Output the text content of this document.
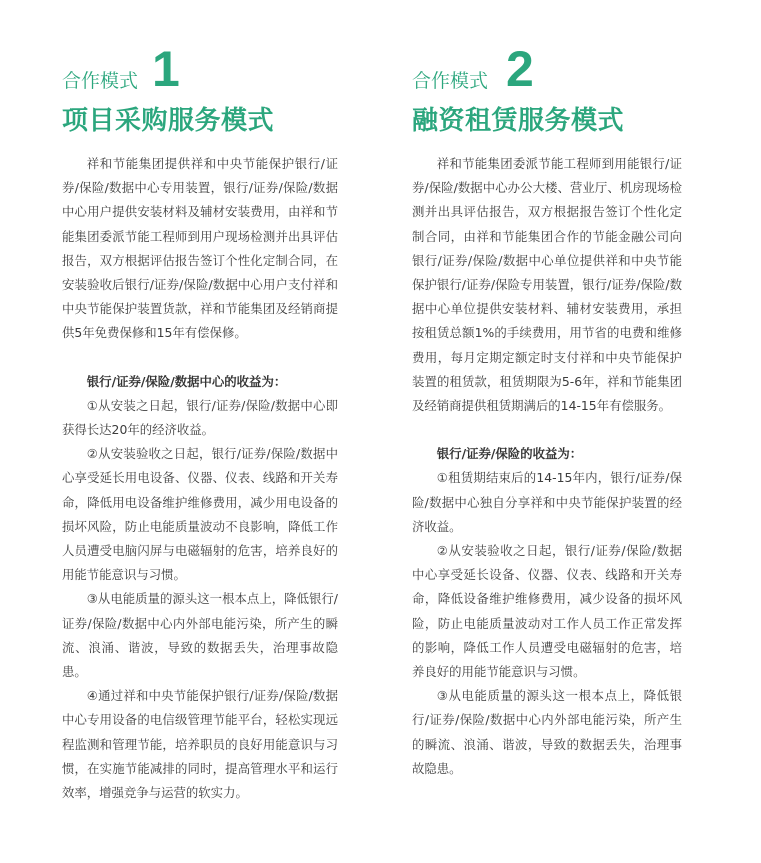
合作模式 1
项目采购服务模式

祥和节能集团提供祥和中央节能保护银行/证券/保险/数据中心专用装置，银行/证券/保险/数据中心用户提供安装材料及辅材安装费用，由祥和节能集团委派节能工程师到用户现场检测并出具评估报告，双方根据评估报告签订个性化定制合同，在安装验收后银行/证券/保险/数据中心用户支付祥和中央节能保护装置货款，祥和节能集团及经销商提供5年免费保修和15年有偿保修。

银行/证券/保险/数据中心的收益为：

①从安装之日起，银行/证券/保险/数据中心即获得长达20年的经济收益。

②从安装验收之日起，银行/证券/保险/数据中心享受延长用电设备、仪器、仪表、线路和开关寿命，降低用电设备维护维修费用，减少用电设备的损坏风险，防止电能质量波动不良影响，降低工作人员遭受电脑闪屏与电磁辐射的危害，培养良好的用能节能意识与习惯。

③从电能质量的源头这一根本点上，降低银行/证券/保险/数据中心内外部电能污染，所产生的瞬流、浪涌、谐波，导致的数据丢失，治理事故隐患。

④通过祥和中央节能保护银行/证券/保险/数据中心专用设备的电信级管理节能平台，轻松实现远程监测和管理节能，培养职员的良好用能意识与习惯，在实施节能减排的同时，提高管理水平和运行效率，增强竞争与运营的软实力。

合作模式 2
融资租赁服务模式

祥和节能集团委派节能工程师到用能银行/证券/保险/数据中心办公大楼、营业厅、机房现场检测并出具评估报告，双方根据报告签订个性化定制合同，由祥和节能集团合作的节能金融公司向银行/证券/保险/数据中心单位提供祥和中央节能保护银行/证券/保险专用装置，银行/证券/保险/数据中心单位提供安装材料、辅材安装费用，承担按租赁总额1%的手续费用，用节省的电费和维修费用，每月定期定额定时支付祥和中央节能保护装置的租赁款，租赁期限为5-6年，祥和节能集团及经销商提供租赁期满后的14-15年有偿服务。

银行/证券/保险的收益为：

①租赁期结束后的14-15年内，银行/证券/保险/数据中心独自分享祥和中央节能保护装置的经济收益。

②从安装验收之日起，银行/证券/保险/数据中心享受延长设备、仪器、仪表、线路和开关寿命，降低设备维护维修费用，减少设备的损坏风险，防止电能质量波动对工作人员工作正常发挥的影响，降低工作人员遭受电磁辐射的危害，培养良好的用能节能意识与习惯。

③从电能质量的源头这一根本点上，降低银行/证券/保险/数据中心内外部电能污染，所产生的瞬流、浪涌、谐波，导致的数据丢失，治理事故隐患。
